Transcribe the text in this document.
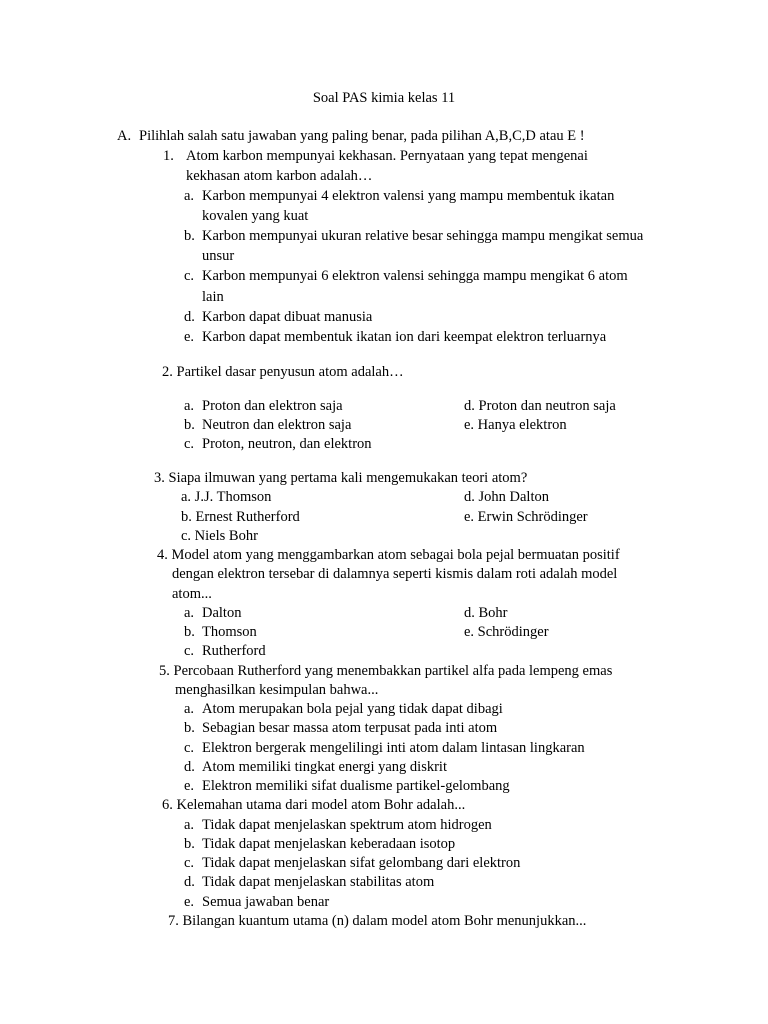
Soal PAS kimia kelas 11
A. Pilihlah salah satu jawaban yang paling benar, pada pilihan A,B,C,D atau E !
1. Atom karbon mempunyai kekhasan. Pernyataan yang tepat mengenai
kekhasan atom karbon adalah…
a. Karbon mempunyai 4 elektron valensi yang mampu membentuk ikatan
kovalen yang kuat
b. Karbon mempunyai ukuran relative besar sehingga mampu mengikat semua
unsur
c. Karbon mempunyai 6 elektron valensi sehingga mampu mengikat 6 atom
lain
d. Karbon dapat dibuat manusia
e. Karbon dapat membentuk ikatan ion dari keempat elektron terluarnya
2. Partikel dasar penyusun atom adalah…
a. Proton dan elektron saja	d. Proton dan neutron saja
b. Neutron dan elektron saja	e. Hanya elektron
c. Proton, neutron, dan elektron
3. Siapa ilmuwan yang pertama kali mengemukakan teori atom?
a. J.J. Thomson	d. John Dalton
b. Ernest Rutherford	e. Erwin Schrödinger
c. Niels Bohr
4. Model atom yang menggambarkan atom sebagai bola pejal bermuatan positif
dengan elektron tersebar di dalamnya seperti kismis dalam roti adalah model
atom...
a. Dalton	d. Bohr
b. Thomson	e. Schrödinger
c. Rutherford
5. Percobaan Rutherford yang menembakkan partikel alfa pada lempeng emas
menghasilkan kesimpulan bahwa...
a. Atom merupakan bola pejal yang tidak dapat dibagi
b. Sebagian besar massa atom terpusat pada inti atom
c. Elektron bergerak mengelilingi inti atom dalam lintasan lingkaran
d. Atom memiliki tingkat energi yang diskrit
e. Elektron memiliki sifat dualisme partikel-gelombang
6. Kelemahan utama dari model atom Bohr adalah...
a. Tidak dapat menjelaskan spektrum atom hidrogen
b. Tidak dapat menjelaskan keberadaan isotop
c. Tidak dapat menjelaskan sifat gelombang dari elektron
d. Tidak dapat menjelaskan stabilitas atom
e. Semua jawaban benar
7. Bilangan kuantum utama (n) dalam model atom Bohr menunjukkan...
